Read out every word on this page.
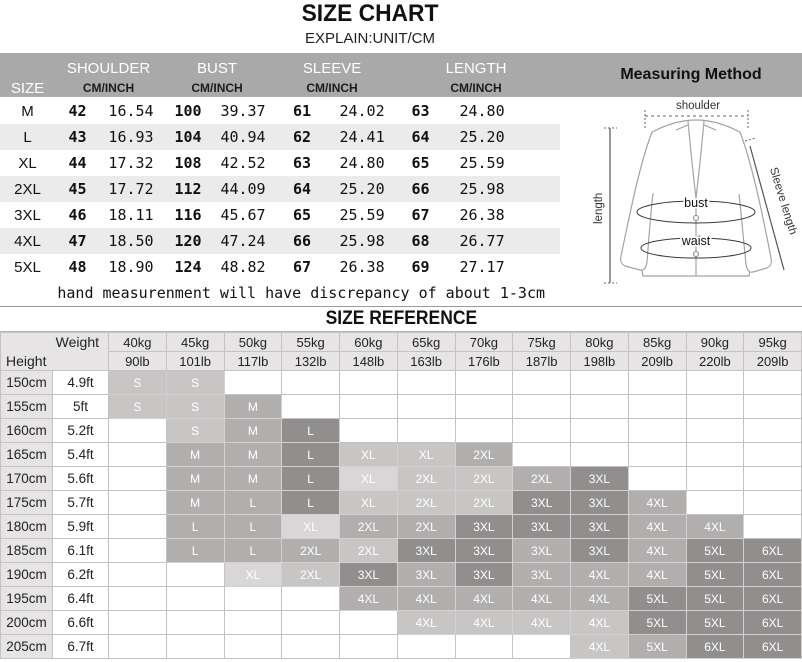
SIZE CHART
EXPLAIN:UNIT/CM
Measuring Method
SIZE	SHOULDER		BUST		SLEEVE		LENGTH	
	CM/INCH		CM/INCH		CM/INCH		CM/INCH	
M	42	16.54	100	39.37	61	24.02	63	24.80
L	43	16.93	104	40.94	62	24.41	64	25.20
XL	44	17.32	108	42.52	63	24.80	65	25.59
2XL	45	17.72	112	44.09	64	25.20	66	25.98
3XL	46	18.11	116	45.67	65	25.59	67	26.38
4XL	47	18.50	120	47.24	66	25.98	68	26.77
5XL	48	18.90	124	48.82	67	26.38	69	27.17
hand measurenment will have discrepancy of about 1-3cm								
shoulder
length	bust
waist
Sleeve length
SIZE REFERENCE
Weight
Height		40kg	45kg	50kg	55kg	60kg	65kg	70kg	75kg	80kg	85kg	90kg	95kg
		90lb	101lb	117lb	132lb	148lb	163lb	176lb	187lb	198lb	209lb	220lb	209lb
150cm	4.9ft	S	S										
155cm	5ft	S	S	M									
160cm	5.2ft		S	M	L								
165cm	5.4ft		M	M	L	XL	XL	2XL					
170cm	5.6ft		M	M	L	XL	2XL	2XL	2XL	3XL			
175cm	5.7ft		M	L	L	XL	2XL	2XL	3XL	3XL	4XL		
180cm	5.9ft		L	L	XL	2XL	2XL	3XL	3XL	3XL	4XL	4XL	
185cm	6.1ft		L	L	2XL	2XL	3XL	3XL	3XL	3XL	4XL	5XL	6XL
190cm	6.2ft			XL	2XL	3XL	3XL	3XL	3XL	4XL	4XL	5XL	6XL
195cm	6.4ft					4XL	4XL	4XL	4XL	4XL	5XL	5XL	6XL
200cm	6.6ft						4XL	4XL	4XL	4XL	5XL	5XL	6XL
205cm	6.7ft									4XL	5XL	6XL	6XL
